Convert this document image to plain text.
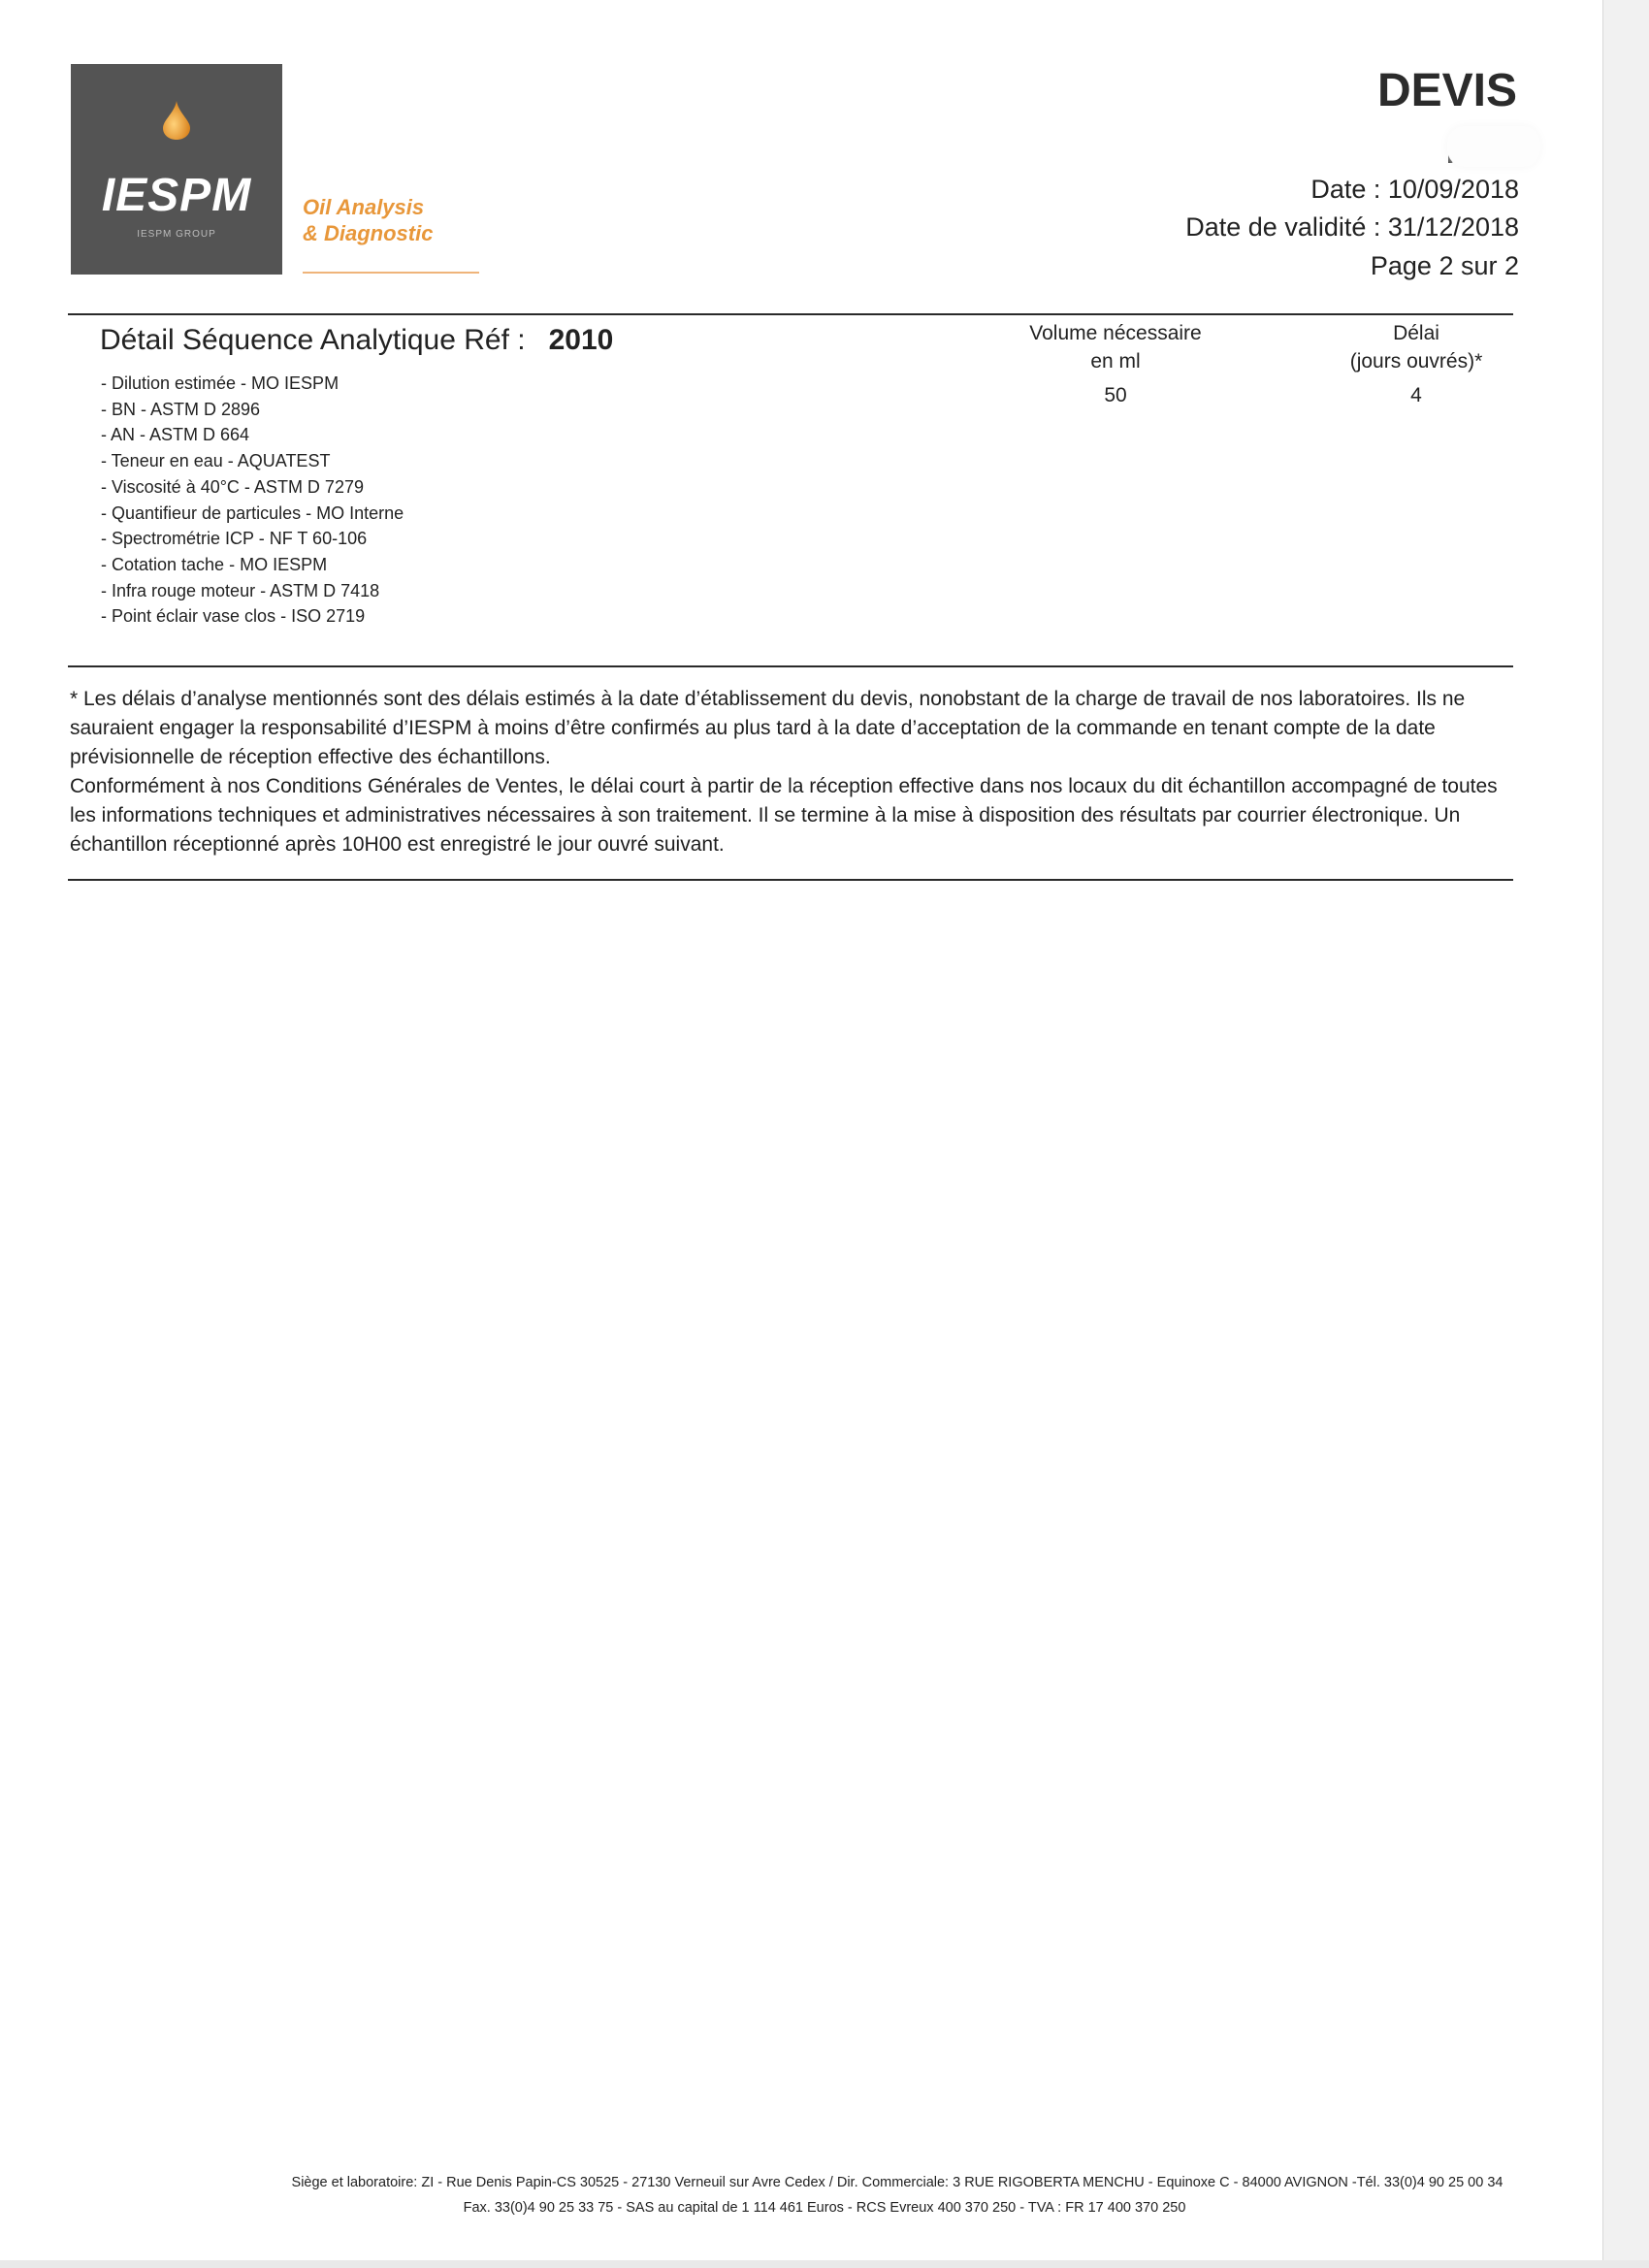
IESPM
IESPM GROUP
Oil Analysis
& Diagnostic
DEVIS
Date : 10/09/2018
Date de validité : 31/12/2018
Page 2 sur 2
Détail Séquence Analytique Réf : 2010	Volume nécessaire
en ml
Délai
(jours ouvrés)*
50	4
- Dilution estimée - MO IESPM
- BN - ASTM D 2896
- AN - ASTM D 664
- Teneur en eau - AQUATEST
- Viscosité à 40°C - ASTM D 7279
- Quantifieur de particules - MO Interne
- Spectrométrie ICP - NF T 60-106
- Cotation tache - MO IESPM
- Infra rouge moteur - ASTM D 7418
- Point éclair vase clos - ISO 2719

* Les délais d’analyse mentionnés sont des délais estimés à la date d’établissement du devis, nonobstant de la charge de travail de nos laboratoires. Ils ne sauraient engager la responsabilité d’IESPM à moins d’être confirmés au plus tard à la date d’acceptation de la commande en tenant compte de la date prévisionnelle de réception effective des échantillons.

Conformément à nos Conditions Générales de Ventes, le délai court à partir de la réception effective dans nos locaux du dit échantillon accompagné de toutes les informations techniques et administratives nécessaires à son traitement. Il se termine à la mise à disposition des résultats par courrier électronique. Un échantillon réceptionné après 10H00 est enregistré le jour ouvré suivant.

Siège et laboratoire: ZI - Rue Denis Papin-CS 30525 - 27130 Verneuil sur Avre Cedex / Dir. Commerciale: 3 RUE RIGOBERTA MENCHU - Equinoxe C - 84000 AVIGNON -Tél. 33(0)4 90 25 00 34
Fax. 33(0)4 90 25 33 75 - SAS au capital de 1 114 461 Euros - RCS Evreux 400 370 250 - TVA : FR 17 400 370 250
